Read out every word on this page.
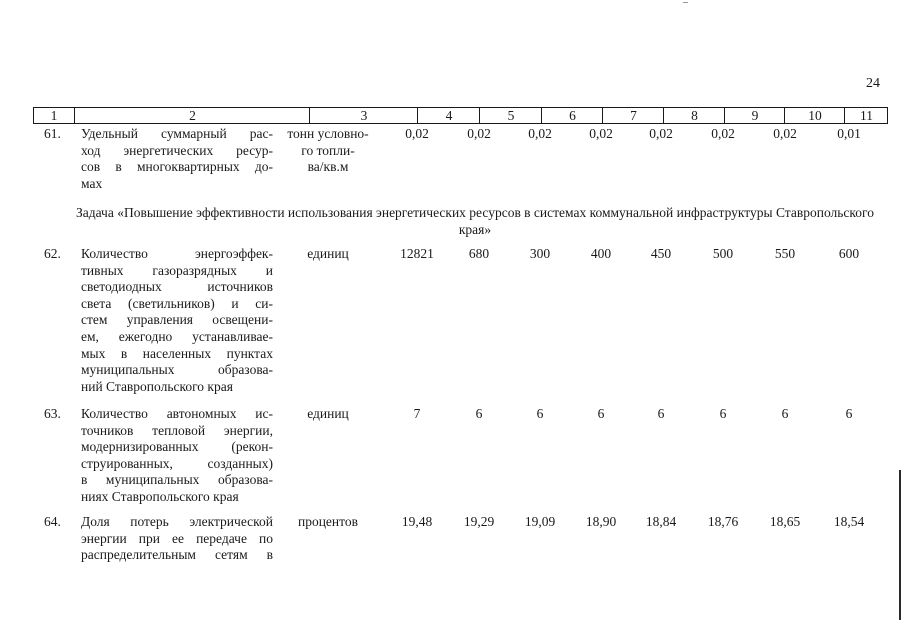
24
1	2	3	4	5	6	7	8	9	10	11
61. Удельный суммарный рас-
ход энергетических ресур-
сов в многоквартирных до-
мах
тонн условно-
го топли-
ва/кв.м
0,02	0,02	0,02	0,02	0,02	0,02	0,02	0,01
Задача «Повышение эффективности использования энергетических ресурсов в системах коммунальной инфраструктуры Ставропольского края»
62. Количество энергоэффек-
тивных газоразрядных и
светодиодных источников
света (светильников) и си-
стем управления освещени-
ем, ежегодно устанавливае-
мых в населенных пунктах
муниципальных образова-
ний Ставропольского края
единиц	12821	680	300	400	450	500	550	600
63. Количество автономных ис-
точников тепловой энергии,
модернизированных (рекон-
струированных, созданных)
в муниципальных образова-
ниях Ставропольского края
единиц	7	6	6	6	6	6	6	6
64. Доля потерь электрической
энергии при ее передаче по
распределительным сетям в
процентов	19,48	19,29	19,09	18,90	18,84	18,76	18,65	18,54
